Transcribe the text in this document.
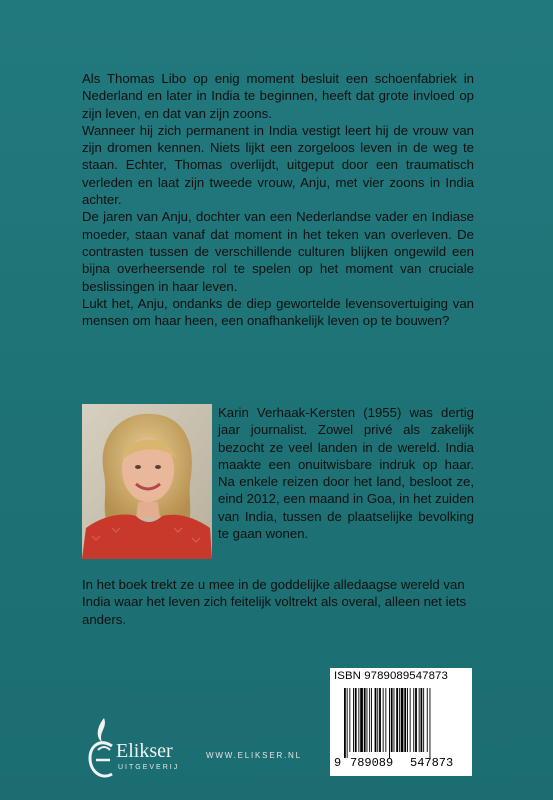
Als Thomas Libo op enig moment besluit een schoenfabriek in Nederland en later in India te beginnen, heeft dat grote invloed op zijn leven, en dat van zijn zoons.

Wanneer hij zich permanent in India vestigt leert hij de vrouw van zijn dromen kennen. Niets lijkt een zorgeloos leven in de weg te staan. Echter, Thomas overlijdt, uitgeput door een traumatisch verleden en laat zijn tweede vrouw, Anju, met vier zoons in India achter.

De jaren van Anju, dochter van een Nederlandse vader en Indiase moeder, staan vanaf dat moment in het teken van overleven. De contrasten tussen de verschillende culturen blijken ongewild een bijna overheersende rol te spelen op het moment van cruciale beslissingen in haar leven.

Lukt het, Anju, ondanks de diep gewortelde levensovertuiging van mensen om haar heen, een onafhankelijk leven op te bouwen?

Karin Verhaak-Kersten (1955) was dertig jaar journalist. Zowel privé als zakelijk bezocht ze veel landen in de wereld. India maakte een onuitwisbare indruk op haar. Na enkele reizen door het land, besloot ze, eind 2012, een maand in Goa, in het zuiden van India, tussen de plaatselijke bevolking te gaan wonen.

In het boek trekt ze u mee in de goddelijke alledaagse wereld van India waar het leven zich feitelijk voltrekt als overal, alleen net iets anders.

ISBN 9789089547873
9 789089 547873
Elikser
UITGEVERIJ
WWW.ELIKSER.NL
